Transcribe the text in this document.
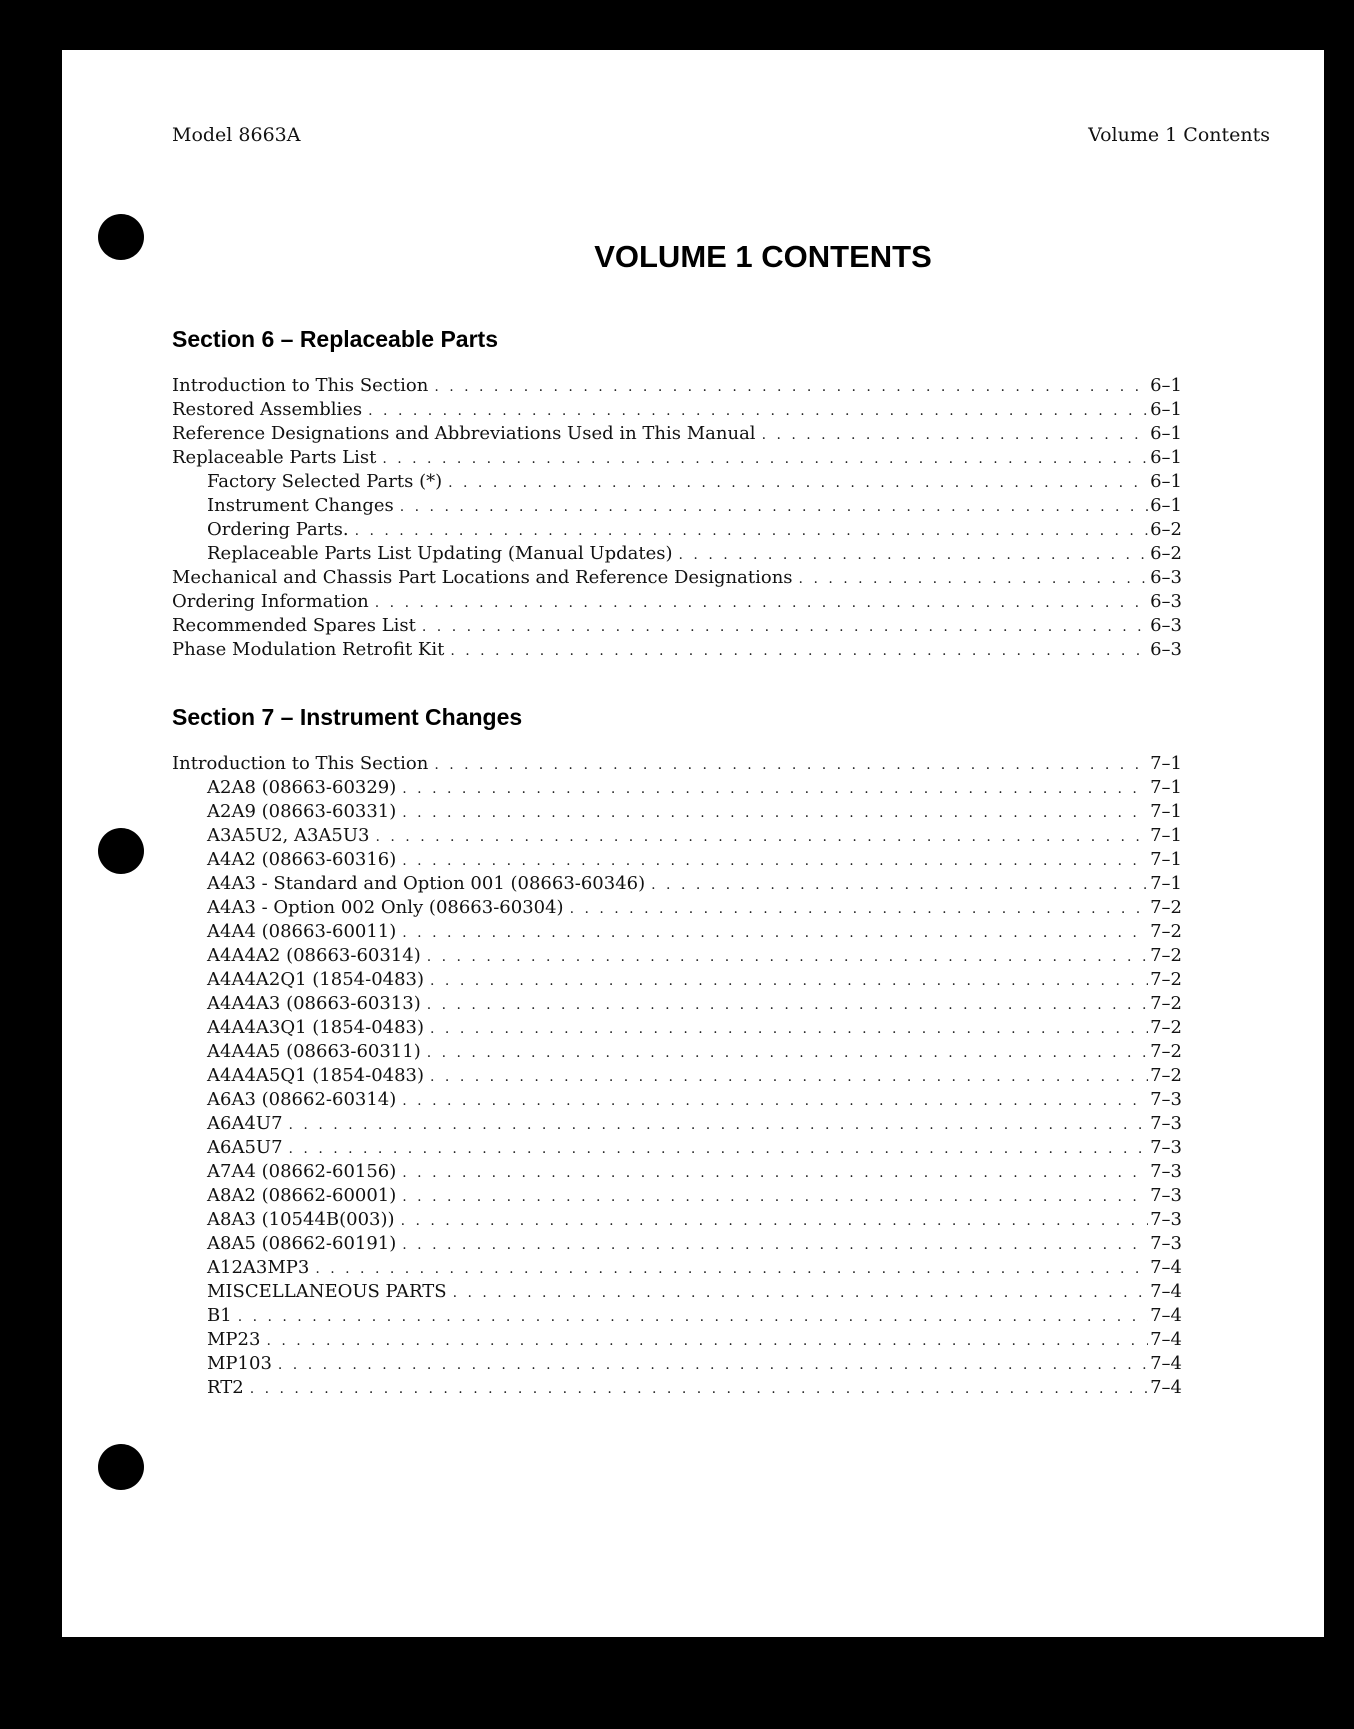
Model 8663A	Volume 1 Contents
VOLUME 1 CONTENTS
Section 6 – Replaceable Parts
Introduction to This Section . . .	6–1
Restored Assemblies . . .	6–1
Reference Designations and Abbreviations Used in This Manual . . .	6–1
Replaceable Parts List . . .	6–1
Factory Selected Parts (*) . . .	6–1
Instrument Changes . . .	6–1
Ordering Parts. . . .	6–2
Replaceable Parts List Updating (Manual Updates) . . .	6–2
Mechanical and Chassis Part Locations and Reference Designations . . .	6–3
Ordering Information . . .	6–3
Recommended Spares List . . .	6–3
Phase Modulation Retrofit Kit . . .	6–3
Section 7 – Instrument Changes
Introduction to This Section . . .	7–1
A2A8 (08663-60329) . . .	7–1
A2A9 (08663-60331) . . .	7–1
A3A5U2, A3A5U3 . . .	7–1
A4A2 (08663-60316) . . .	7–1
A4A3 - Standard and Option 001 (08663-60346) . . .	7–1
A4A3 - Option 002 Only (08663-60304) . . .	7–2
A4A4 (08663-60011) . . .	7–2
A4A4A2 (08663-60314) . . .	7–2
A4A4A2Q1 (1854-0483) . . .	7–2
A4A4A3 (08663-60313) . . .	7–2
A4A4A3Q1 (1854-0483) . . .	7–2
A4A4A5 (08663-60311) . . .	7–2
A4A4A5Q1 (1854-0483) . . .	7–2
A6A3 (08662-60314) . . .	7–3
A6A4U7 . . .	7–3
A6A5U7 . . .	7–3
A7A4 (08662-60156) . . .	7–3
A8A2 (08662-60001) . . .	7–3
A8A3 (10544B(003)) . . .	7–3
A8A5 (08662-60191) . . .	7–3
A12A3MP3 . . .	7–4
MISCELLANEOUS PARTS . . .	7–4
B1 . . .	7–4
MP23 . . .	7–4
MP103 . . .	7–4
RT2 . . .	7–4
